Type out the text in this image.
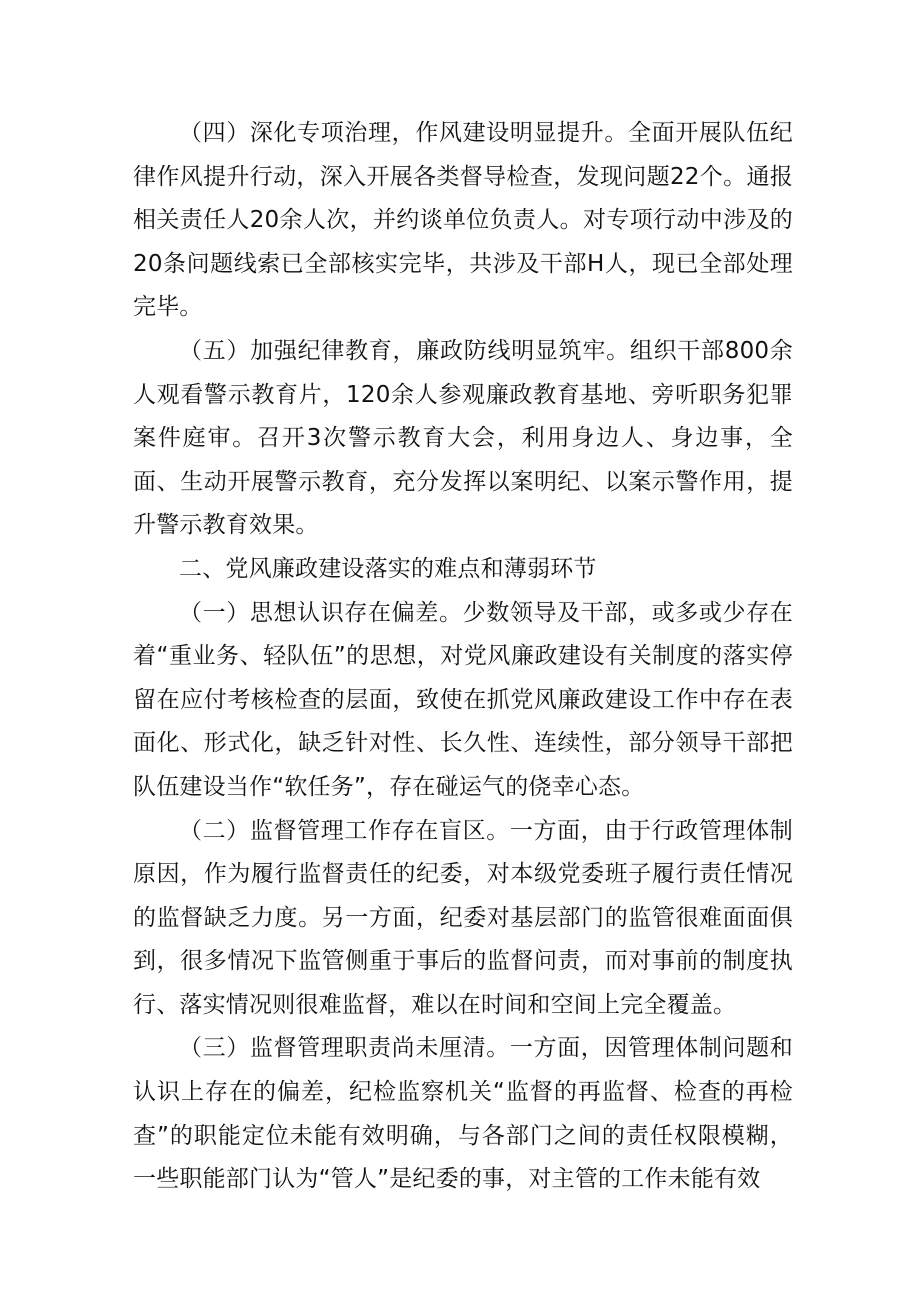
（四）深化专项治理，作风建设明显提升。全面开展队伍纪律作风提升行动，深入开展各类督导检查，发现问题22个。通报相关责任人20余人次，并约谈单位负责人。对专项行动中涉及的20条问题线索已全部核实完毕，共涉及干部H人，现已全部处理完毕。

（五）加强纪律教育，廉政防线明显筑牢。组织干部800余人观看警示教育片，120余人参观廉政教育基地、旁听职务犯罪案件庭审。召开3次警示教育大会，利用身边人、身边事，全面、生动开展警示教育，充分发挥以案明纪、以案示警作用，提升警示教育效果。

二、党风廉政建设落实的难点和薄弱环节

（一）思想认识存在偏差。少数领导及干部，或多或少存在着“重业务、轻队伍”的思想，对党风廉政建设有关制度的落实停留在应付考核检查的层面，致使在抓党风廉政建设工作中存在表面化、形式化，缺乏针对性、长久性、连续性，部分领导干部把队伍建设当作“软任务”，存在碰运气的侥幸心态。

（二）监督管理工作存在盲区。一方面，由于行政管理体制原因，作为履行监督责任的纪委，对本级党委班子履行责任情况的监督缺乏力度。另一方面，纪委对基层部门的监管很难面面俱到，很多情况下监管侧重于事后的监督问责，而对事前的制度执行、落实情况则很难监督，难以在时间和空间上完全覆盖。

（三）监督管理职责尚未厘清。一方面，因管理体制问题和认识上存在的偏差，纪检监察机关“监督的再监督、检查的再检查”的职能定位未能有效明确，与各部门之间的责任权限模糊，一些职能部门认为“管人”是纪委的事，对主管的工作未能有效
